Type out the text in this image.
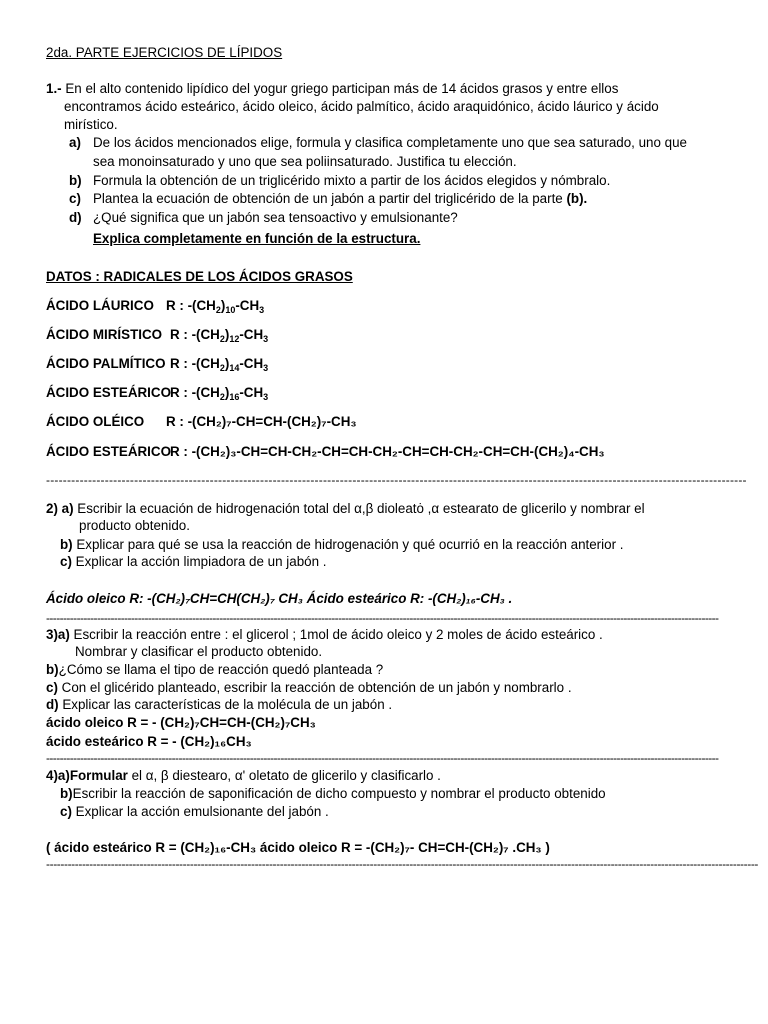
2da. PARTE EJERCICIOS DE LÍPIDOS
1.- En el alto contenido lipídico del yogur griego participan más de 14 ácidos grasos y entre ellos
encontramos ácido esteárico, ácido oleico, ácido palmítico, ácido araquidónico, ácido láurico y ácido
mirístico.
a) De los ácidos mencionados elige, formula y clasifica completamente uno que sea saturado, uno que
sea monoinsaturado y uno que sea poliinsaturado. Justifica tu elección.
b) Formula la obtención de un triglicérido mixto a partir de los ácidos elegidos y nómbralo.
c) Plantea la ecuación de obtención de un jabón a partir del triglicérido de la parte (b).
d) ¿Qué significa que un jabón sea tensoactivo y emulsionante?
Explica completamente en función de la estructura.
DATOS : RADICALES DE LOS ÁCIDOS GRASOS
ÁCIDO LÁURICO R : $-(CH_2)_{10}-CH_3$
ÁCIDO MIRÍSTICO R : $-(CH_2)_{12}-CH_3$
ÁCIDO PALMÍTICO R : $-(CH_2)_{14}-CH_3$
ÁCIDO ESTEÁRICOR : $-(CH_2)_{16}-CH_3$
ÁCIDO OLÉICO R : -(CH₂)₇-CH=CH-(CH₂)₇-CH₃
ÁCIDO ESTEÁRICOR : -(CH₂)₃-CH=CH-CH₂-CH=CH-CH₂-CH=CH-CH₂-CH=CH-(CH₂)₄-CH₃
-----------------------------------------------------------------------------------------------------------------------------------------------------------------------
2) a) Escribir la ecuación de hidrogenación total del α,β dioleatȯ ,α estearato de glicerilo y nombrar el
producto obtenido.
b) Explicar para qué se usa la reacción de hidrogenación y qué ocurrió en la reacción anterior .
c) Explicar la acción limpiadora de un jabón .
Ácido oleico R: -(CH₂)₇CH=CH(CH₂)₇ CH₃ Ácido esteárico R: -(CH₂)₁₆-CH₃ .
------------------------------------------------------------------------------------------------------------------------------------------------------------------------------------------------------
3)a) Escribir la reacción entre : el glicerol ; 1mol de ácido oleico y 2 moles de ácido esteárico .
Nombrar y clasificar el producto obtenido.
b)¿Cómo se llama el tipo de reacción quedó planteada ?
c) Con el glicérido planteado, escribir la reacción de obtención de un jabón y nombrarlo .
d) Explicar las características de la molécula de un jabón .
ácido oleico R = - (CH₂)₇CH=CH-(CH₂)₇CH₃
ácido esteárico R = - (CH₂)₁₆CH₃
------------------------------------------------------------------------------------------------------------------------------------------------------------------------------------------------------
4)a)Formular el α, β diestearo, α' oletato de glicerilo y clasificarlo .
b)Escribir la reacción de saponificación de dicho compuesto y nombrar el producto obtenido
c) Explicar la acción emulsionante del jabón .
( ácido esteárico R = (CH₂)₁₆-CH₃ ácido oleico R = -(CH₂)₇- CH=CH-(CH₂)₇ .CH₃ )
------------------------------------------------------------------------------------------------------------------------------------------------------------------------------------------------------
